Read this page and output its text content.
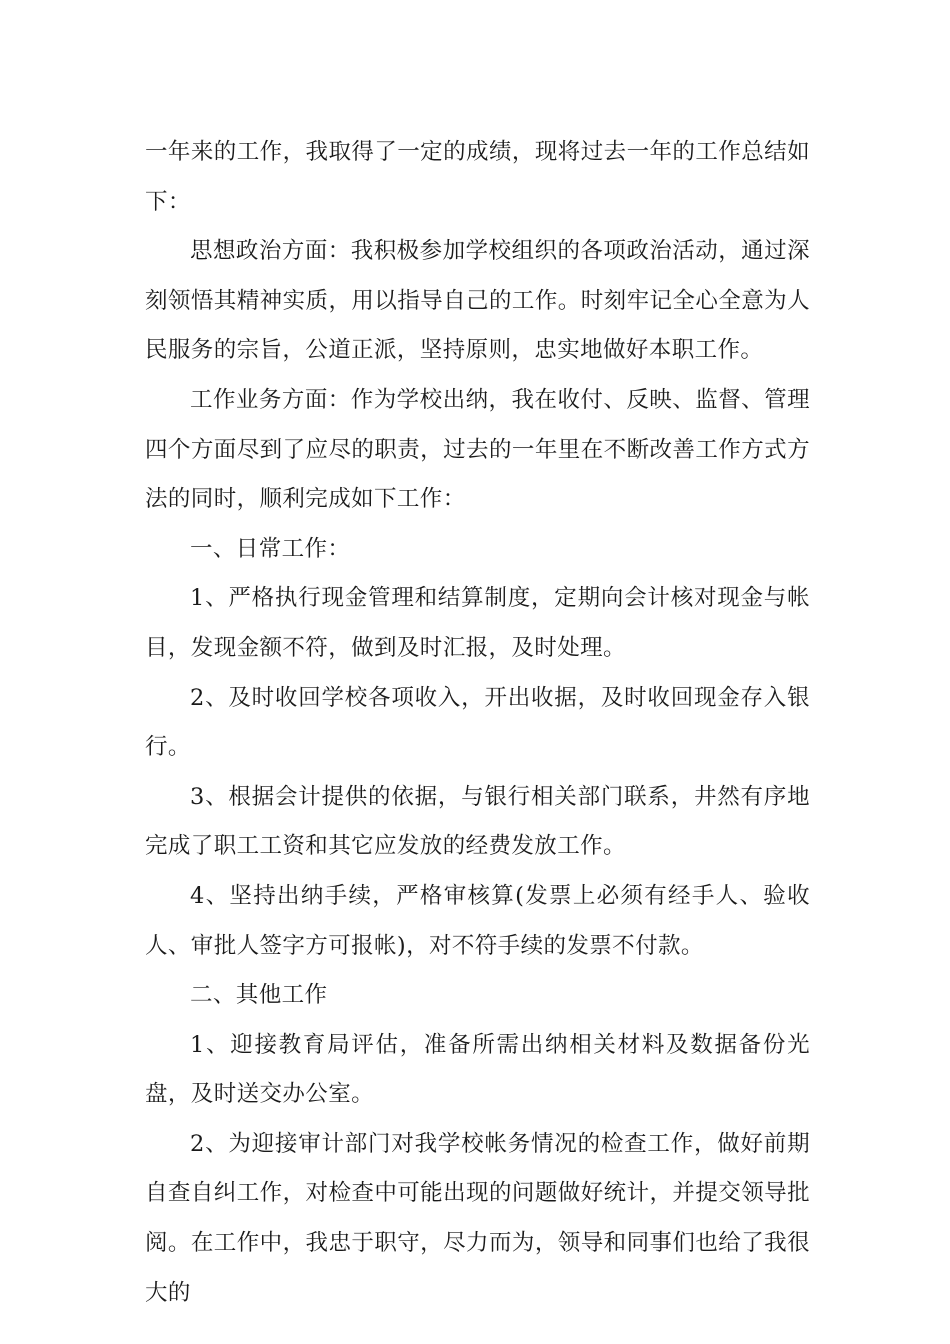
一年来的工作，我取得了一定的成绩，现将过去一年的工作总结如下：

思想政治方面：我积极参加学校组织的各项政治活动，通过深刻领悟其精神实质，用以指导自己的工作。时刻牢记全心全意为人民服务的宗旨，公道正派，坚持原则，忠实地做好本职工作。

工作业务方面：作为学校出纳，我在收付、反映、监督、管理四个方面尽到了应尽的职责，过去的一年里在不断改善工作方式方法的同时，顺利完成如下工作：

一、日常工作：

1、严格执行现金管理和结算制度，定期向会计核对现金与帐目，发现金额不符，做到及时汇报，及时处理。

2、及时收回学校各项收入，开出收据，及时收回现金存入银行。

3、根据会计提供的依据，与银行相关部门联系，井然有序地完成了职工工资和其它应发放的经费发放工作。

4、坚持出纳手续，严格审核算(发票上必须有经手人、验收人、审批人签字方可报帐)，对不符手续的发票不付款。

二、其他工作

1、迎接教育局评估，准备所需出纳相关材料及数据备份光盘，及时送交办公室。

2、为迎接审计部门对我学校帐务情况的检查工作，做好前期自查自纠工作，对检查中可能出现的问题做好统计，并提交领导批阅。在工作中，我忠于职守，尽力而为，领导和同事们也给了我很大的
